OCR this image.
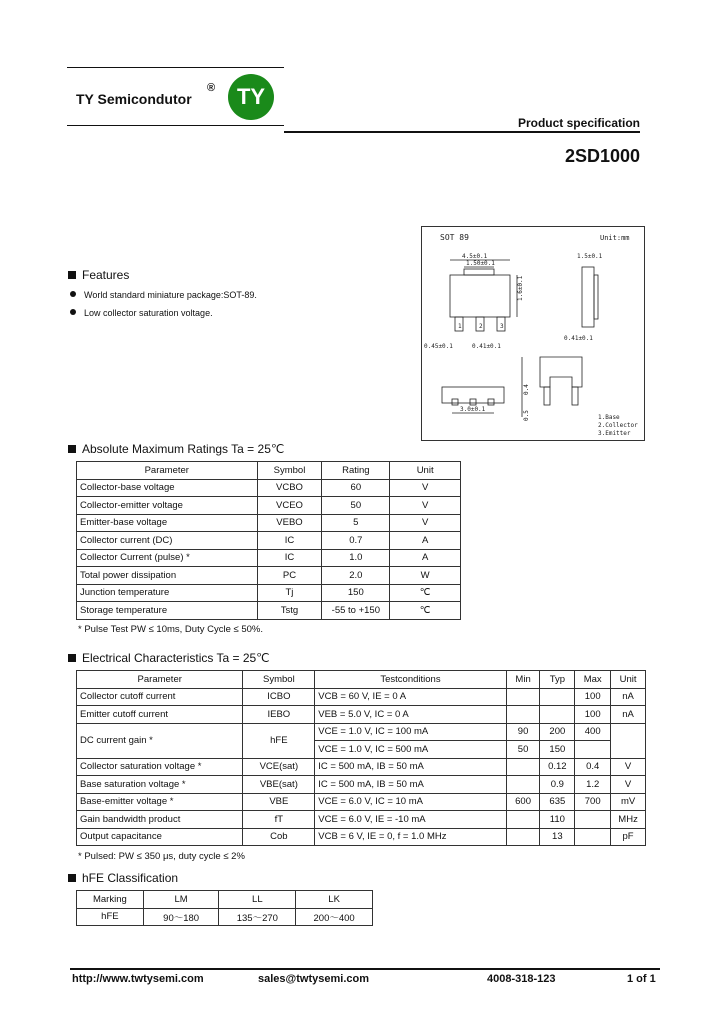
TY Semicondutor
® TY
Product specification
2SD1000
Features
World standard miniature package:SOT-89.
Low collector saturation voltage.
SOT 89	Unit:mm
1	2	3
4.5±0.1
1.50±0.1
1.6±0.1
0.45±0.1	0.41±0.1
1.5±0.1
0.41±0.1
0.4
0.5
3.0±0.1
1.Base
2.Collector
3.Emitter
Absolute Maximum Ratings Ta = 25℃
Parameter	Symbol	Rating	Unit
Collector-base voltage	VCBO	60	V
Collector-emitter voltage	VCEO	50	V
Emitter-base voltage	VEBO	5	V
Collector current (DC)	IC	0.7	A
Collector Current (pulse) *	IC	1.0	A
Total power dissipation	PC	2.0	W
Junction temperature	Tj	150	℃
Storage temperature	Tstg	-55 to +150	℃
* Pulse Test PW ≤ 10ms, Duty Cycle ≤ 50%.
Electrical Characteristics Ta = 25℃
Parameter	Symbol	Testconditions	Min	Typ	Max	Unit
Collector cutoff current	ICBO	VCB = 60 V, IE = 0 A			100	nA
Emitter cutoff current	IEBO	VEB = 5.0 V, IC = 0 A			100	nA
DC current gain *	hFE	VCE = 1.0 V, IC = 100 mA	90	200	400	
		VCE = 1.0 V, IC = 500 mA	50	150		
Collector saturation voltage *	VCE(sat)	IC = 500 mA, IB = 50 mA		0.12	0.4	V
Base saturation voltage *	VBE(sat)	IC = 500 mA, IB = 50 mA		0.9	1.2	V
Base-emitter voltage *	VBE	VCE = 6.0 V, IC = 10 mA	600	635	700	mV
Gain bandwidth product	fT	VCE = 6.0 V, IE = -10 mA		110		MHz
Output capacitance	Cob	VCB = 6 V, IE = 0, f = 1.0 MHz		13		pF
* Pulsed: PW ≤ 350 μs, duty cycle ≤ 2%
hFE Classification
Marking	LM	LL	LK
hFE	90～180	135～270	200～400
http://www.twtysemi.com	sales@twtysemi.com	4008-318-123	1 of 1
